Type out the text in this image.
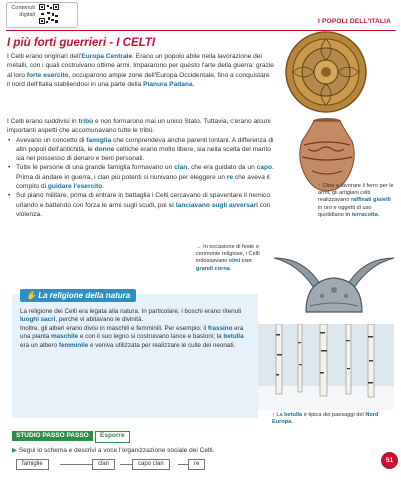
Contenuti
digitali
I POPOLI DELL'ITALIA
I più forti guerrieri - I CELTI
I Celti erano originari dell'Europa Centrale. Erano un popolo abile nella lavorazione dei metalli, con i quali costruivano ottime armi. Impararono per questo l'arte della guerra: grazie al loro forte esercito, occuparono ampie zone dell'Europa Occidentale, fino a conquistare il nord dell'Italia stabilendosi in una parte della Pianura Padana.
I Celti erano suddivisi in tribù e non formarono mai un unico Stato. Tuttavia, c'erano alcuni importanti aspetti che accomunavano tutte le tribù.
• Avevano un concetto di famiglia che comprendeva anche parenti lontani. A differenza di altri popoli dell'antichità, le donne celtiche erano molto libere, sia nella scelta del marito sia nel possesso di denaro e beni personali.
• Tutte le persone di una grande famiglia formavano un clan, che era guidato da un capo. Prima di andare in guerra, i clan più potenti si riunivano per eleggere un re che aveva il compito di guidare l'esercito.
• Sul piano militare, prima di entrare in battaglia i Celti cercavano di spaventare il nemico urlando e battendo con forza le armi sugli scudi, poi si lanciavano sugli avversari con violenza.
↑ Oltre a lavorare il ferro per le armi, gli artigiani celti realizzavano raffinati gioielli in oro e oggetti di uso quotidiano in terracotta.
→ In occasione di feste o cerimonie religiose, i Celti indossavano elmi con grandi corna.
✋ La religione della natura
La religione dei Celti era legata alla natura. In particolare, i boschi erano ritenuti luoghi sacri, perché vi abitavano le divinità.
Inoltre, gli alberi erano divisi in maschili e femminili. Per esempio: il frassino era una pianta maschile e con il suo legno si costruivano lance e bastoni; la betulla era un albero femminile e veniva utilizzata per realizzare le culle dei neonati.
↑ La betulla è tipica dei paesaggi del Nord Europa.
STUDIO PASSO PASSO	Esporre
▶ Segui lo schema e descrivi a voce l'organizzazione sociale dei Celti.
famiglie	clan	capo clan	re	51
